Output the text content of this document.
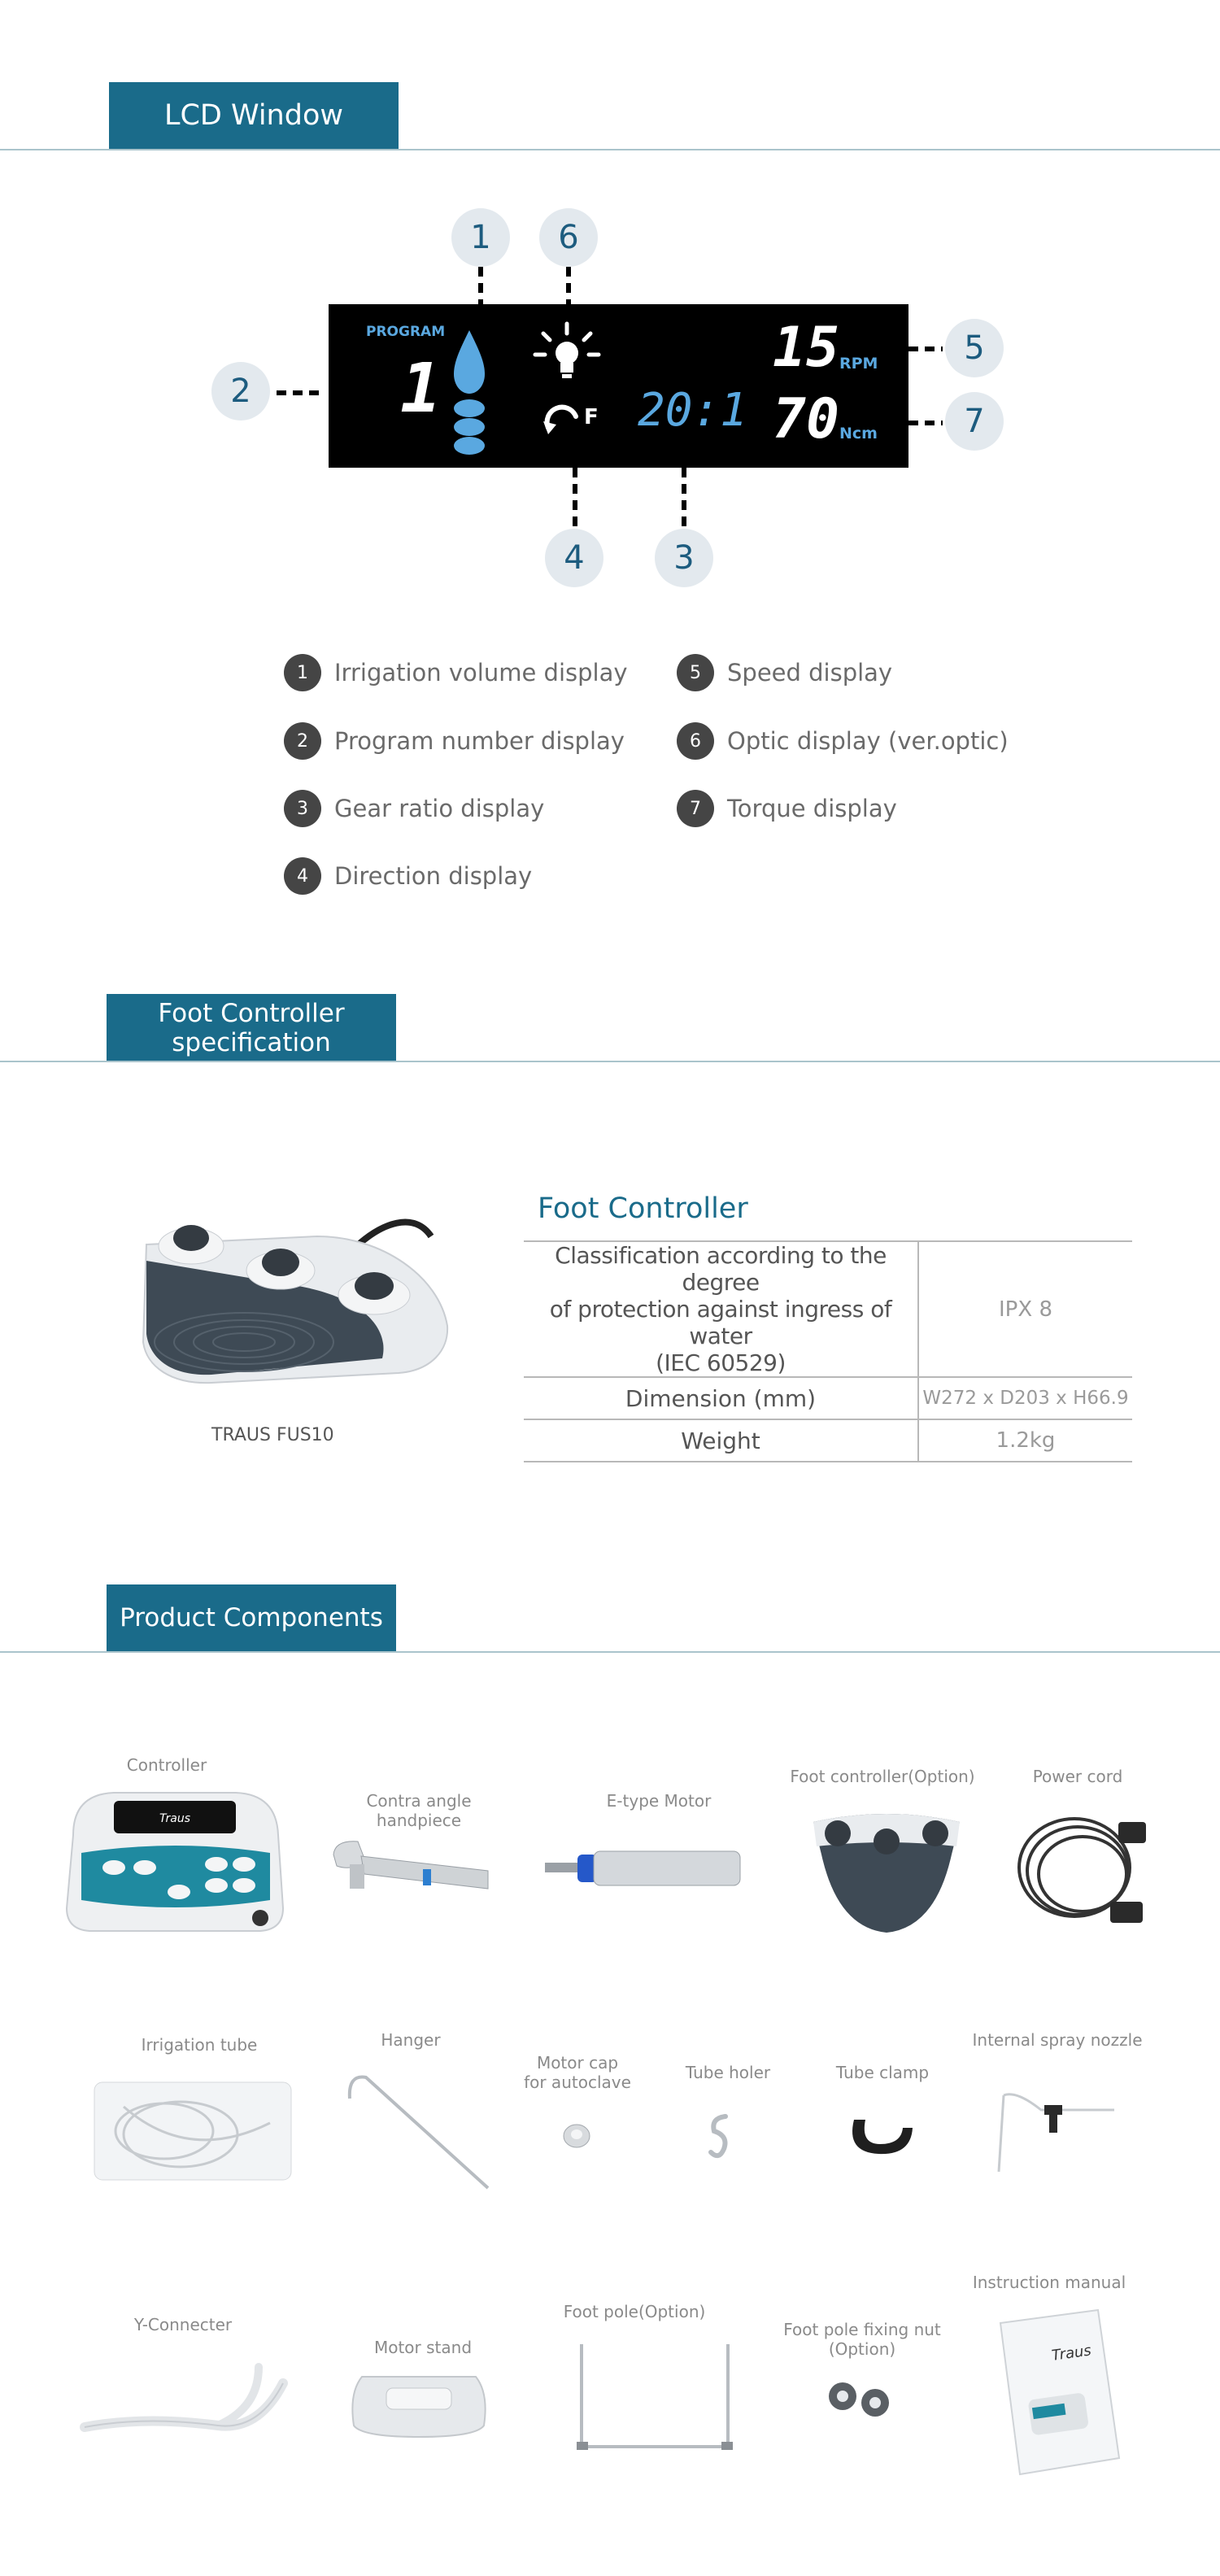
LCD Window
1 6
2
5
7
4	3
PROGRAM
1	F 20:1
15 RPM
70 Ncm
1	Irrigation volume display
2	Program number display
3	Gear ratio display
4	Direction display
5	Speed display
6	Optic display (ver.optic)
7	Torque display
Foot Controller
specification
TRAUS FUS10
Foot Controller
Classification according to the degree
of protection against ingress of water
(IEC 60529)	IPX 8
Dimension (mm)	W272 x D203 x H66.9
Weight	1.2kg
Product Components
Controller
Traus
Contra angle handpiece
E-type Motor
Foot controller(Option)	Power cord
Irrigation tube	Hanger
Motor cap
for autoclave	Tube holer	Tube clamp
Internal spray nozzle
Y-Connecter
Motor stand
Foot pole(Option)
Foot pole fixing nut
(Option)
Instruction manual
Traus
